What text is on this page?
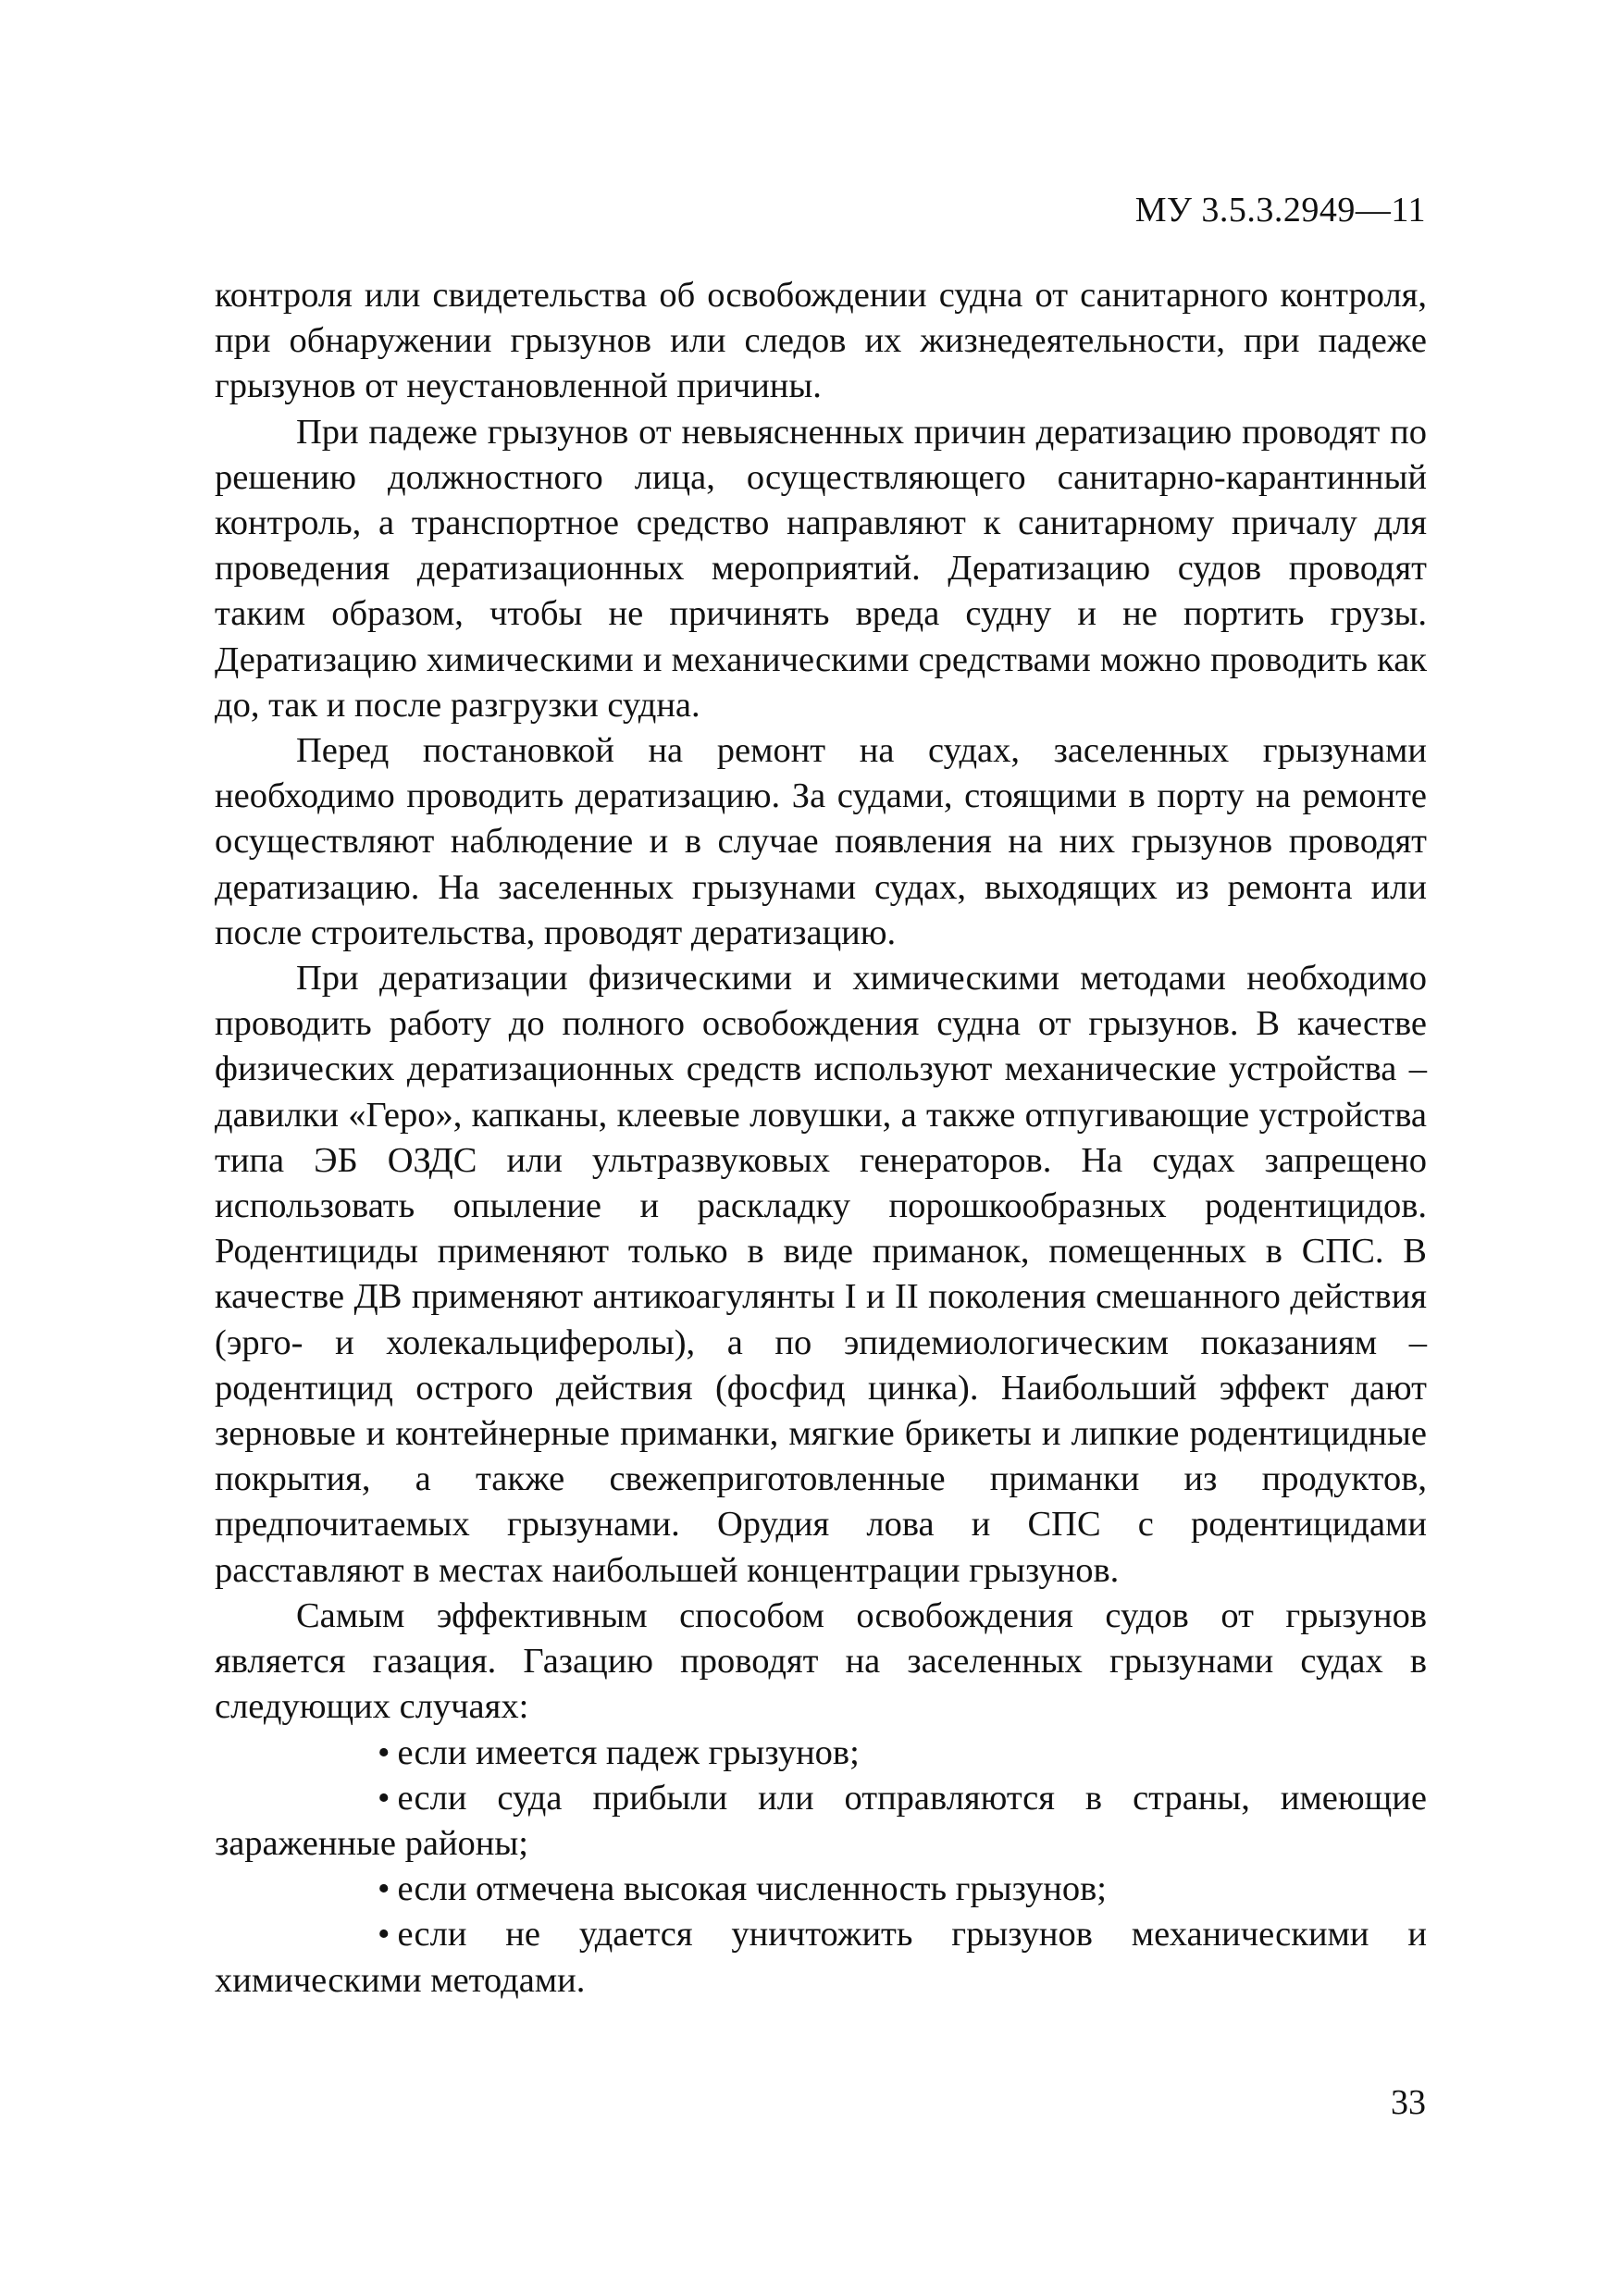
МУ 3.5.3.2949—11

контроля или свидетельства об освобождении судна от санитарного контроля, при обнаружении грызунов или следов их жизнедеятельности, при падеже грызунов от неустановленной причины.

При падеже грызунов от невыясненных причин дератизацию проводят по решению должностного лица, осуществляющего санитарно-карантинный контроль, а транспортное средство направляют к санитарному причалу для проведения дератизационных мероприятий. Дератизацию судов проводят таким образом, чтобы не причинять вреда судну и не портить грузы. Дератизацию химическими и механическими средствами можно проводить как до, так и после разгрузки судна.

Перед постановкой на ремонт на судах, заселенных грызунами необходимо проводить дератизацию. За судами, стоящими в порту на ремонте осуществляют наблюдение и в случае появления на них грызунов проводят дератизацию. На заселенных грызунами судах, выходящих из ремонта или после строительства, проводят дератизацию.

При дератизации физическими и химическими методами необходимо проводить работу до полного освобождения судна от грызунов. В качестве физических дератизационных средств используют механические устройства – давилки «Геро», капканы, клеевые ловушки, а также отпугивающие устройства типа ЭБ ОЗДС или ультразвуковых генераторов. На судах запрещено использовать опыление и раскладку порошкообразных родентицидов. Родентициды применяют только в виде приманок, помещенных в СПС. В качестве ДВ применяют антикоагулянты I и II поколения смешанного действия (эрго- и холекальциферолы), а по эпидемиологическим показаниям – родентицид острого действия (фосфид цинка). Наибольший эффект дают зерновые и контейнерные приманки, мягкие брикеты и липкие родентицидные покрытия, а также свежеприготовленные приманки из продуктов, предпочитаемых грызунами. Орудия лова и СПС с родентицидами расставляют в местах наибольшей концентрации грызунов.

Самым эффективным способом освобождения судов от грызунов является газация. Газацию проводят на заселенных грызунами судах в следующих случаях:

• если имеется падеж грызунов;

• если суда прибыли или отправляются в страны, имеющие зараженные районы;

• если отмечена высокая численность грызунов;

• если не удается уничтожить грызунов механическими и химическими методами.

33
